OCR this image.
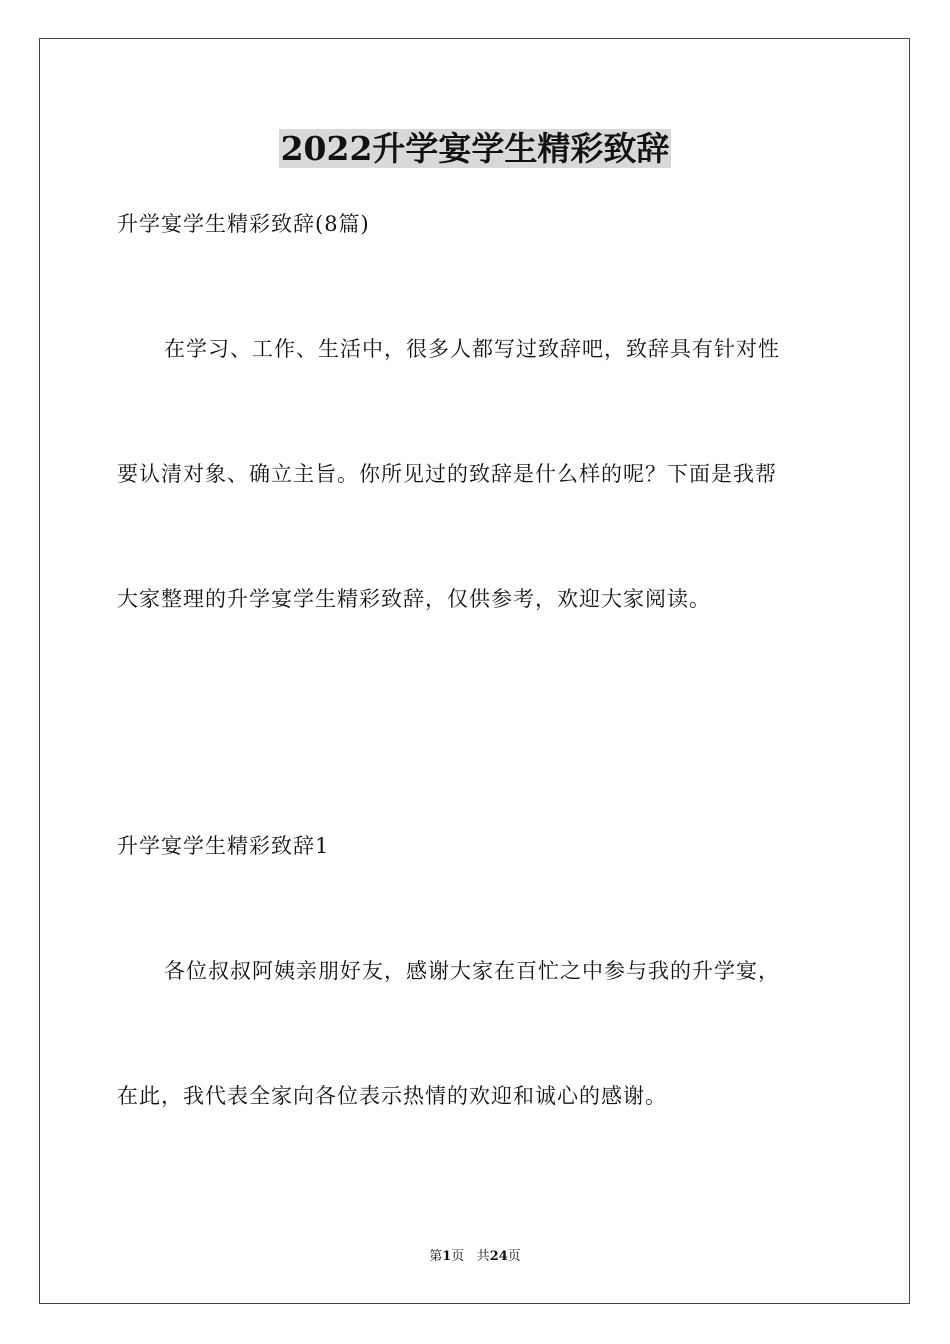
2022升学宴学生精彩致辞
升学宴学生精彩致辞(8篇)
在学习、工作、生活中，很多人都写过致辞吧，致辞具有针对性
要认清对象、确立主旨。你所见过的致辞是什么样的呢？下面是我帮
大家整理的升学宴学生精彩致辞，仅供参考，欢迎大家阅读。
升学宴学生精彩致辞1
各位叔叔阿姨亲朋好友，感谢大家在百忙之中参与我的升学宴，
在此，我代表全家向各位表示热情的欢迎和诚心的感谢。
第1页 共24页
